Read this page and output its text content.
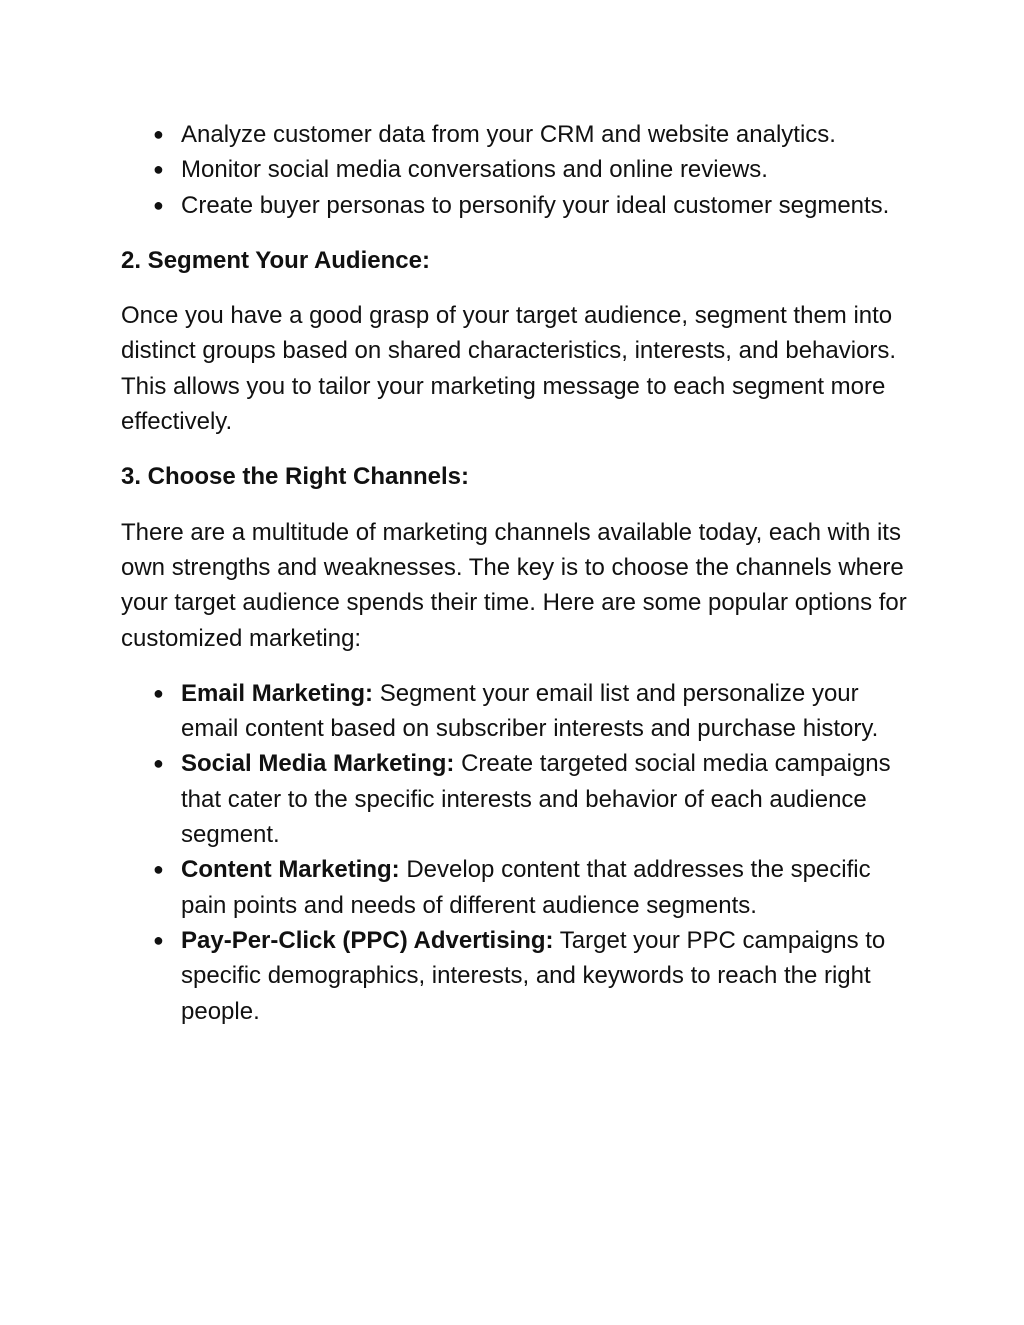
● Analyze customer data from your CRM and website analytics.
● Monitor social media conversations and online reviews.
● Create buyer personas to personify your ideal customer segments.
2. Segment Your Audience:
Once you have a good grasp of your target audience, segment them into distinct groups based on shared characteristics, interests, and behaviors. This allows you to tailor your marketing message to each segment more effectively.
3. Choose the Right Channels:
There are a multitude of marketing channels available today, each with its own strengths and weaknesses. The key is to choose the channels where your target audience spends their time. Here are some popular options for customized marketing:
● Email Marketing: Segment your email list and personalize your email content based on subscriber interests and purchase history.
● Social Media Marketing: Create targeted social media campaigns that cater to the specific interests and behavior of each audience segment.
● Content Marketing: Develop content that addresses the specific pain points and needs of different audience segments.
● Pay-Per-Click (PPC) Advertising: Target your PPC campaigns to specific demographics, interests, and keywords to reach the right people.
